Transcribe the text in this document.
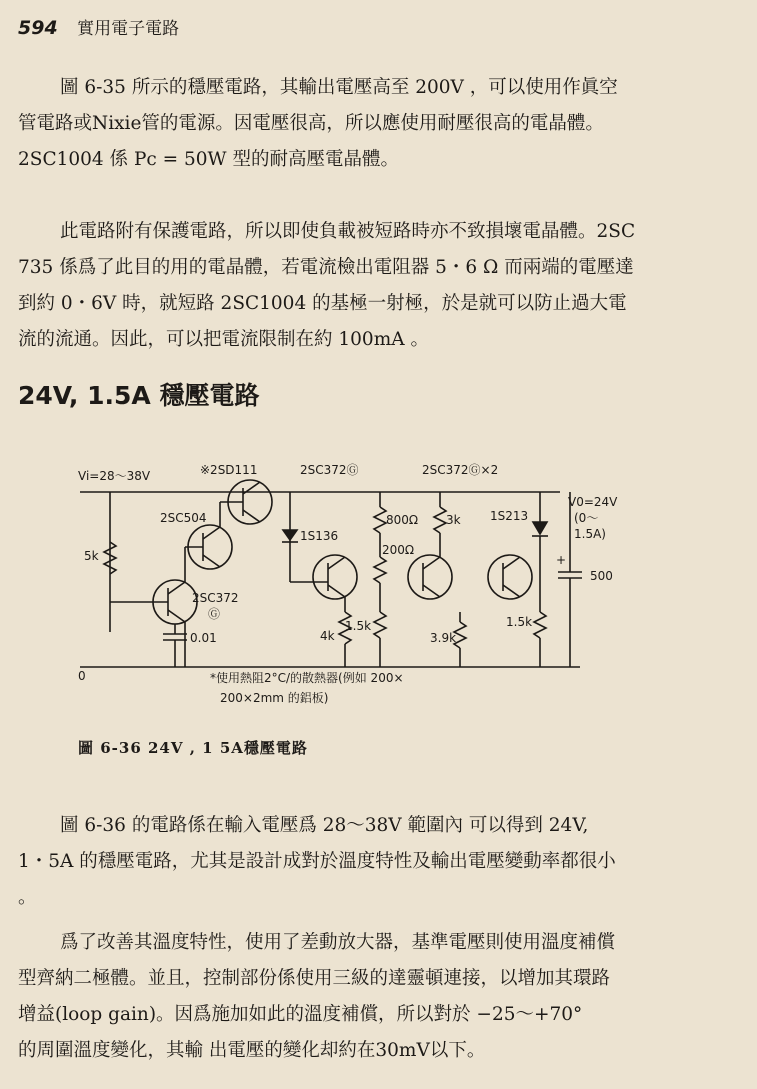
594 實用電子電路

圖 6-35 所示的穩壓電路，其輸出電壓高至 200V ，可以使用作眞空

管電路或Nixie管的電源。因電壓很高，所以應使用耐壓很高的電晶體。

2SC1004 係 Pc = 50W 型的耐高壓電晶體。

此電路附有保護電路，所以即使負載被短路時亦不致損壞電晶體。2SC

735 係爲了此目的用的電晶體，若電流檢出電阻器 5・6 Ω 而兩端的電壓達

到約 0・6V 時，就短路 2SC1004 的基極一射極，於是就可以防止過大電

流的流通。因此，可以把電流限制在約 100mA 。

24V, 1.5A 穩壓電路
Vi=28〜38V	※2SD111	2SC372Ⓖ	2SC372Ⓖ×2
2SC504
2SC372
Ⓖ
5k
0.01
1S136
800Ω 3k 1S213
V0=24V
(0〜
1.5A)
200Ω
500
+
4k
1.5k
3.9k
1.5k
0	*使用熱阻2°C/的散熱器(例如 200×
200×2mm 的鋁板)
圖 6-36 24V , 1 5A穩壓電路

圖 6-36 的電路係在輸入電壓爲 28〜38V 範圍內 可以得到 24V,

1・5A 的穩壓電路，尤其是設計成對於溫度特性及輸出電壓變動率都很小

。

爲了改善其溫度特性，使用了差動放大器，基準電壓則使用溫度補償

型齊納二極體。並且，控制部份係使用三級的達靈頓連接，以增加其環路

增益(loop gain)。因爲施加如此的溫度補償，所以對於 −25〜+70°

的周圍溫度變化，其輸 出電壓的變化却約在30mV以下。
